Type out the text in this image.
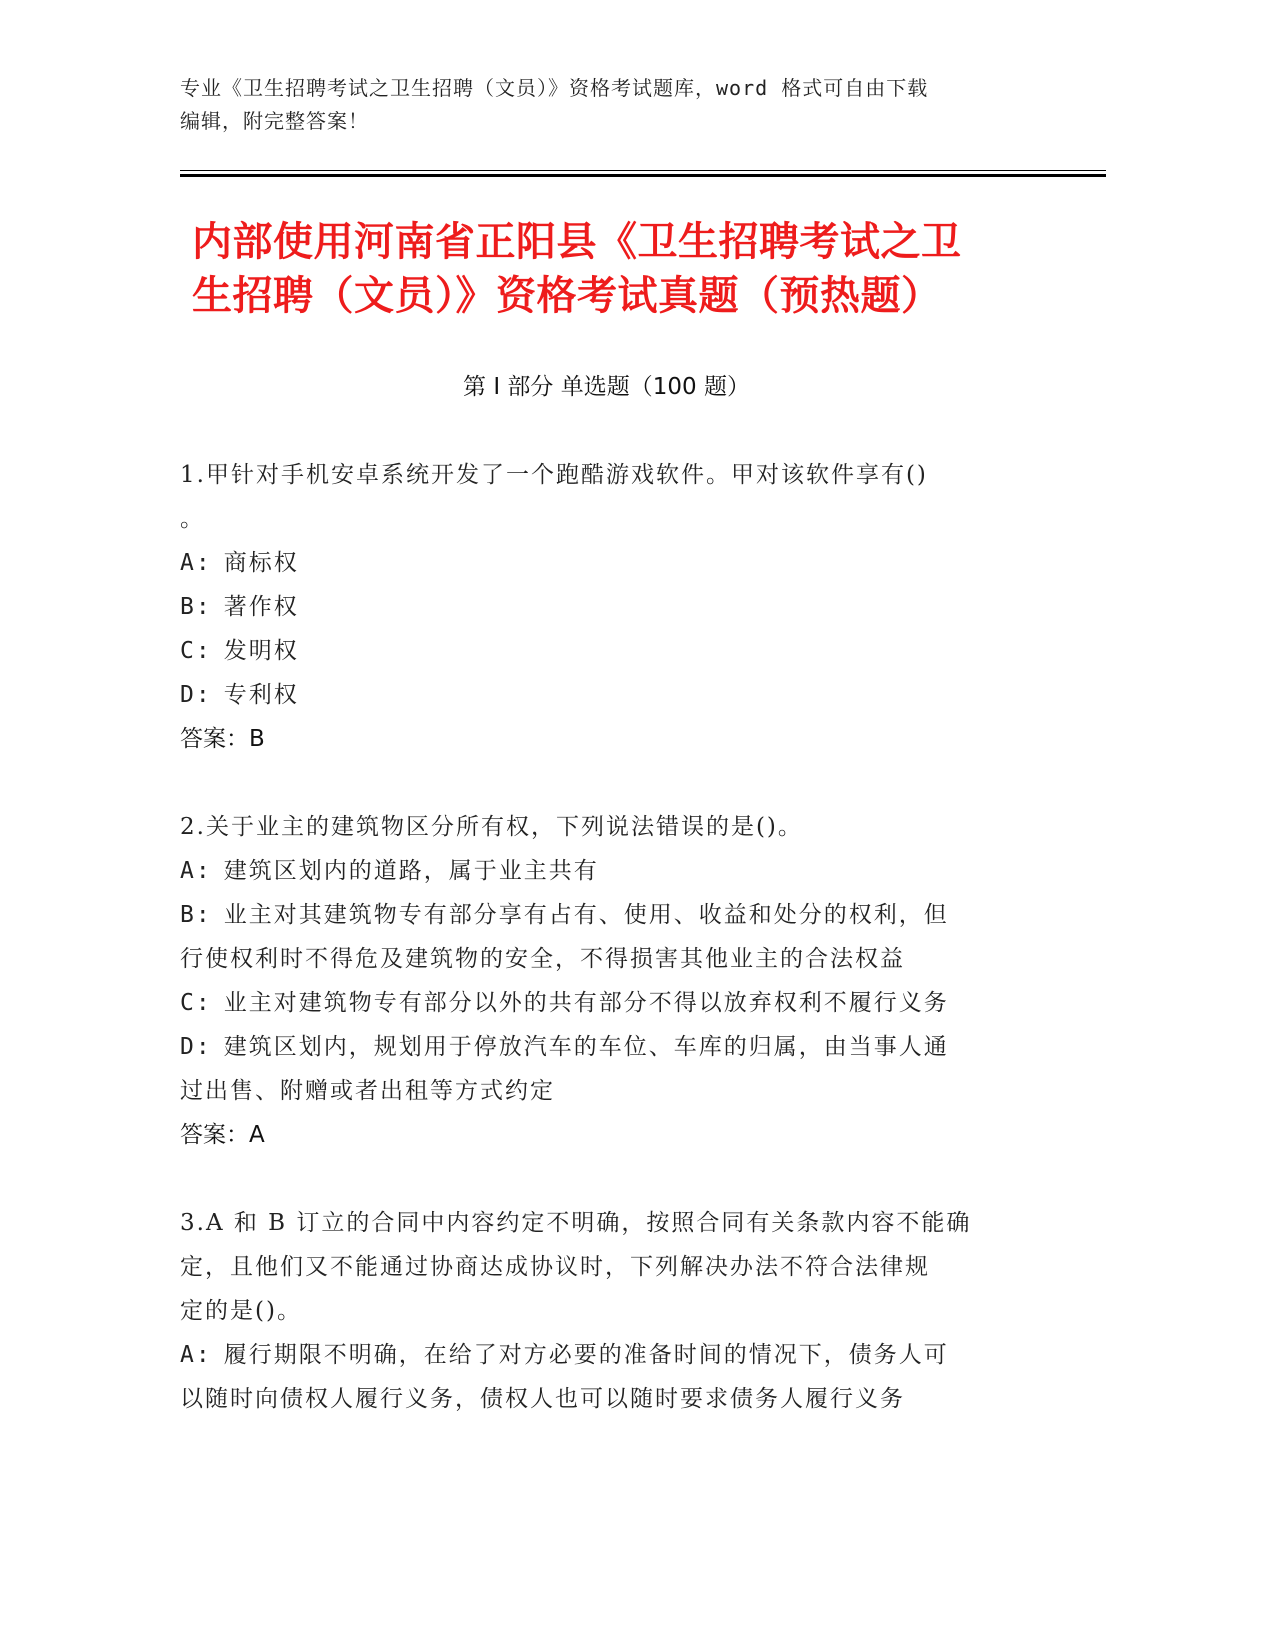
专业《卫生招聘考试之卫生招聘（文员）》资格考试题库，word 格式可自由下载
编辑，附完整答案！
内部使用河南省正阳县《卫生招聘考试之卫
生招聘（文员）》资格考试真题（预热题）
第 I 部分 单选题（100 题）
1.甲针对手机安卓系统开发了一个跑酷游戏软件。甲对该软件享有()
。
A: 商标权
B: 著作权
C: 发明权
D: 专利权
答案：B
2.关于业主的建筑物区分所有权，下列说法错误的是()。
A: 建筑区划内的道路，属于业主共有
B: 业主对其建筑物专有部分享有占有、使用、收益和处分的权利，但
行使权利时不得危及建筑物的安全，不得损害其他业主的合法权益
C: 业主对建筑物专有部分以外的共有部分不得以放弃权利不履行义务
D: 建筑区划内，规划用于停放汽车的车位、车库的归属，由当事人通
过出售、附赠或者出租等方式约定
答案：A
3.A 和 B 订立的合同中内容约定不明确，按照合同有关条款内容不能确
定，且他们又不能通过协商达成协议时，下列解决办法不符合法律规
定的是()。
A: 履行期限不明确，在给了对方必要的准备时间的情况下，债务人可
以随时向债权人履行义务，债权人也可以随时要求债务人履行义务
